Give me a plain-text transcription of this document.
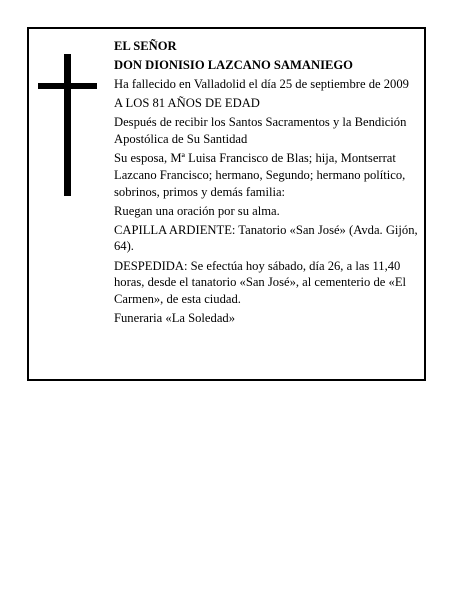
EL SEÑOR

DON DIONISIO LAZCANO SAMANIEGO

Ha fallecido en Valladolid el día 25 de septiembre de 2009

A LOS 81 AÑOS DE EDAD

Después de recibir los Santos Sacramentos y la Bendición Apostólica de Su Santidad

Su esposa, Mª Luisa Francisco de Blas; hija, Montserrat Lazcano Francisco; hermano, Segundo; hermano político, sobrinos, primos y demás familia:

Ruegan una oración por su alma.

CAPILLA ARDIENTE: Tanatorio «San José» (Avda. Gijón, 64).

DESPEDIDA: Se efectúa hoy sábado, día 26, a las 11,40 horas, desde el tanatorio «San José», al cementerio de «El Carmen», de esta ciudad.

Funeraria «La Soledad»
